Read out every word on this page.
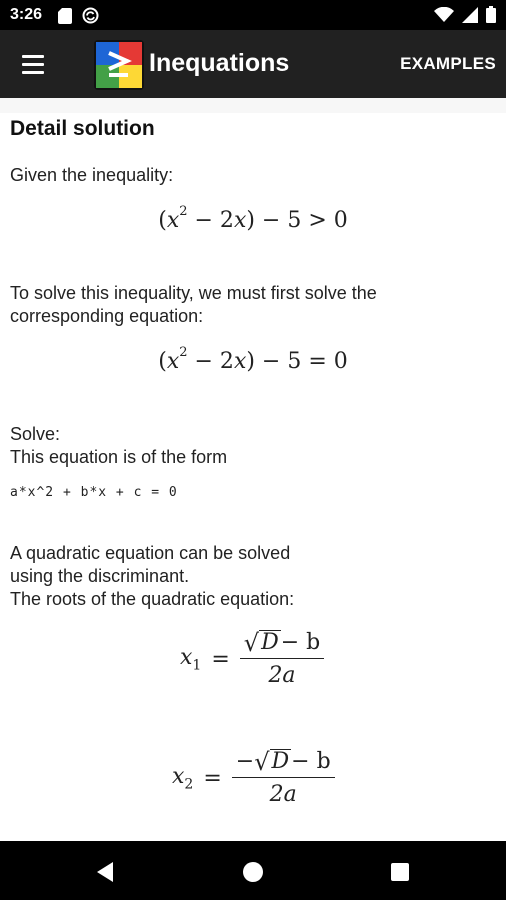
3:26
Inequations	EXAMPLES
Detail solution
Given the inequality:
$(x^2 - 2x) - 5 > 0$
To solve this inequality, we must first solve the corresponding equation:
$(x^2 - 2x) - 5 = 0$
Solve:
This equation is of the form
a*x^2 + b*x + c = 0
A quadratic equation can be solved
using the discriminant.
The roots of the quadratic equation:
$x_1 = \frac{√ D - b}{2a}$
$x_2 = \frac{- √ D - b}{2a}$
